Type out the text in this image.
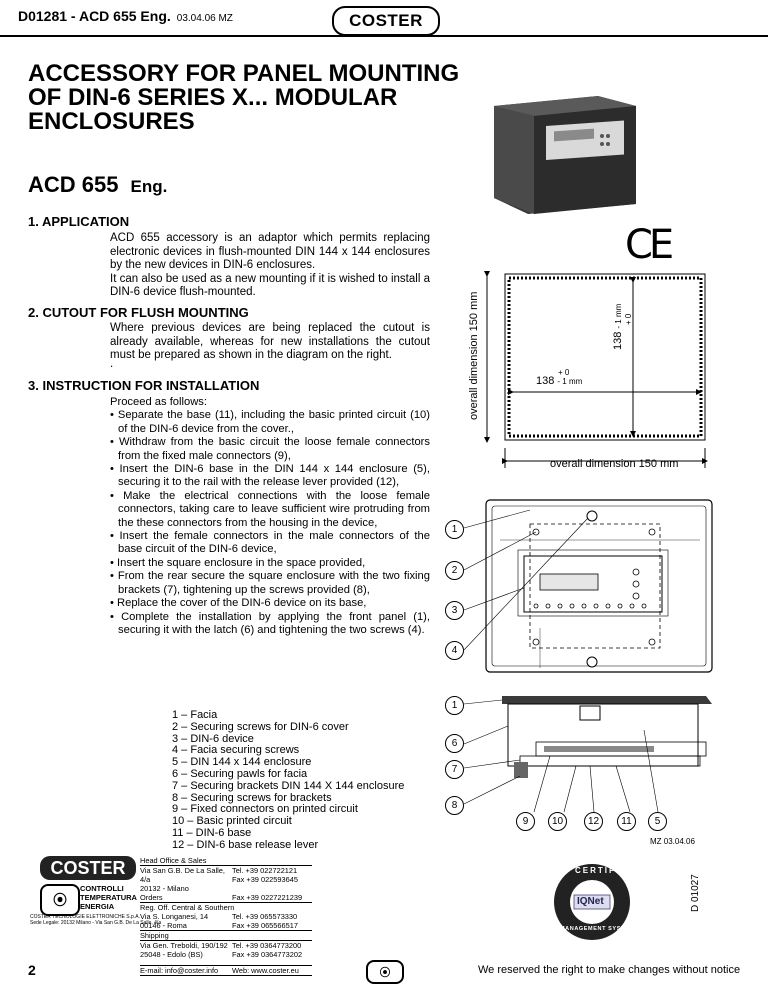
D01281 - ACD 655 Eng. 03.04.06 MZ	COSTER
ACCESSORY FOR PANEL MOUNTING
OF DIN-6 SERIES X... MODULAR
ENCLOSURES
ACD 655 Eng.
1. APPLICATION
ACD 655 accessory is an adaptor which permits replacing electronic devices in flush-mounted DIN 144 x 144 enclosures by the new devices in DIN-6 enclosures.
It can also be used as a new mounting if it is wished to install a DIN-6 device flush-mounted.
2. CUTOUT FOR FLUSH MOUNTING
Where previous devices are being replaced the cutout is already available, whereas for new installations the cutout must be prepared as shown in the diagram on the right.
.
3. INSTRUCTION FOR INSTALLATION
Proceed as follows:
• Separate the base (11), including the basic printed circuit (10) of the DIN-6 device from the cover.,
• Withdraw from the basic circuit the loose female connectors from the fixed male connectors (9),
• Insert the DIN-6 base in the DIN 144 x 144 enclosure (5), securing it to the rail with the release lever provided (12),
• Make the electrical connections with the loose female connectors, taking care to leave sufficient wire protruding from the these connectors from the housing in the device,
• Insert the female connectors in the male connectors of the base circuit of the DIN-6 device,
• Insert the square enclosure in the space provided,
• From the rear secure the square enclosure with the two fixing brackets (7), tightening up the screws provided (8),
• Replace the cover of the DIN-6 device on its base,
• Complete the installation by applying the front panel (1), securing it with the latch (6) and tightening the two screws (4).
CE
overall dimension 150 mm	138 - 1 mm + 0
+ 0
138 - 1 mm
overall dimension 150 mm
1
2
3
4
1
6
7
8
9	10	12	11	5
MZ 03.04.06
1 – Facia
2 – Securing screws for DIN-6 cover
3 – DIN-6 device
4 – Facia securing screws
5 – DIN 144 x 144 enclosure
6 – Securing pawls for facia
7 – Securing brackets DIN 144 X 144 enclosure
8 – Securing screws for brackets
9 – Fixed connectors on printed circuit
10 – Basic printed circuit
11 – DIN-6 base
12 – DIN-6 base release lever
COSTER
⦿
CONTROLLI
TEMPERATURA
ENERGIA
COSTER TECNOLOGIE ELETTRONICHE S.p.A.
Sede Legale: 20132 Milano - Via San G.B. De La Salle, 4/a
Head Office & Sales
Via San G.B. De La Salle, 4/a
20132 - Milano
Tel. +39 022722121
Fax +39 022593645
Orders	Fax +39 0227221239
Reg. Off. Central & Southern
Via S. Longanesi, 14
00146 - Roma
Tel. +39 065573330
Fax +39 065566517
Shipping
Via Gen. Treboldi, 190/192
25048 - Edolo (BS)
Tel. +39 0364773200
Fax +39 0364773202
E-mail: info@coster.info	Web: www.coster.eu
CERTIFIED
IQNet
MANAGEMENT SYSTEM
D 01027
2	⦿	We reserved the right to make changes without notice
